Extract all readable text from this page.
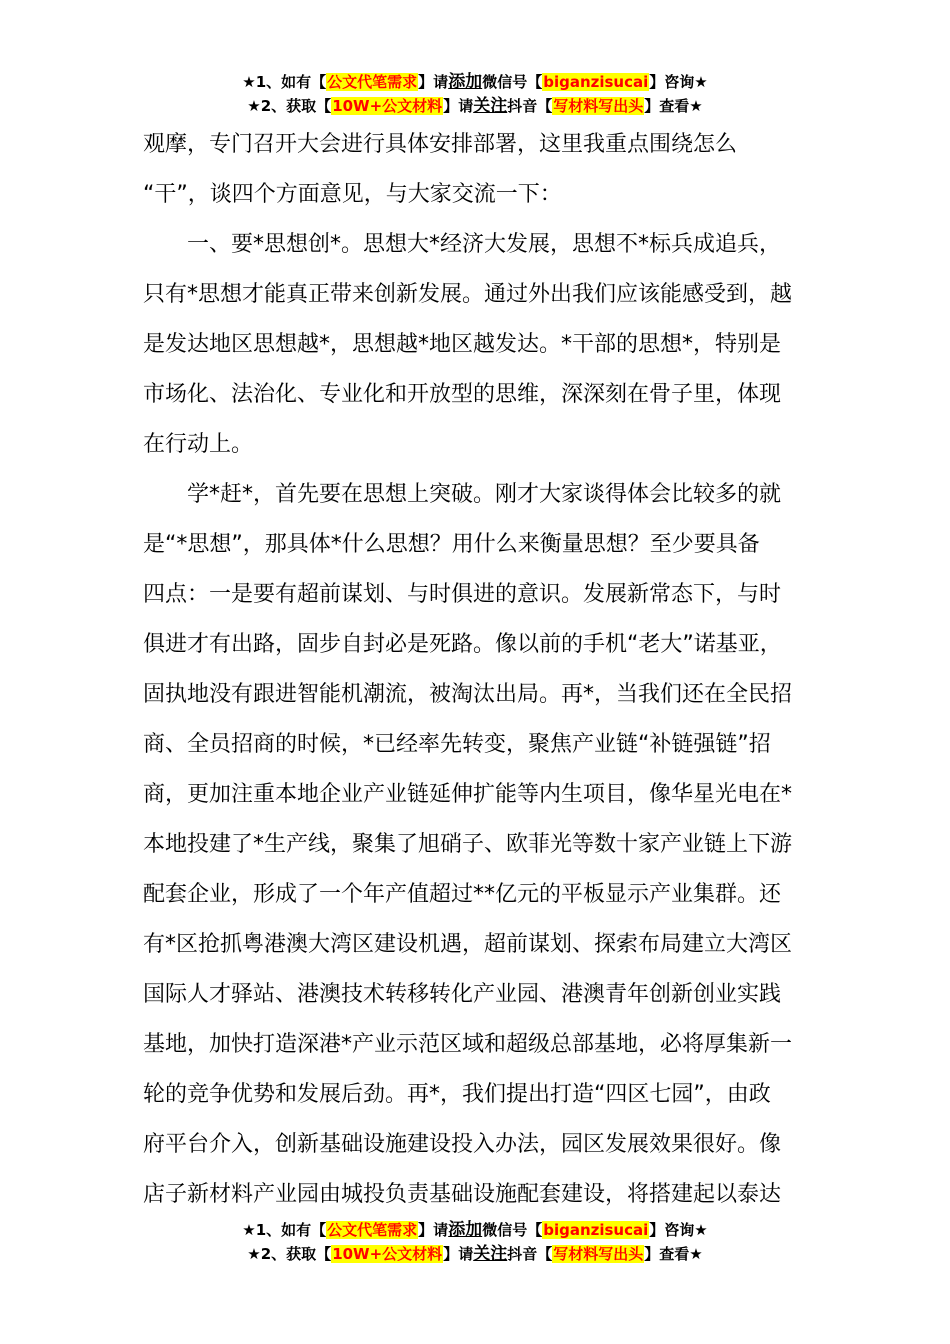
★1、如有【公文代笔需求】请添加微信号【biganzisucai】咨询★
★2、获取【10W+公文材料】请关注抖音【写材料写出头】查看★
观摩，专门召开大会进行具体安排部署，这里我重点围绕怎么
“干”，谈四个方面意见，与大家交流一下：
　　一、要*思想创*。思想大*经济大发展，思想不*标兵成追兵，
只有*思想才能真正带来创新发展。通过外出我们应该能感受到，越
是发达地区思想越*，思想越*地区越发达。*干部的思想*，特别是
市场化、法治化、专业化和开放型的思维，深深刻在骨子里，体现
在行动上。
　　学*赶*，首先要在思想上突破。刚才大家谈得体会比较多的就
是“*思想”，那具体*什么思想？用什么来衡量思想？至少要具备
四点：一是要有超前谋划、与时俱进的意识。发展新常态下，与时
俱进才有出路，固步自封必是死路。像以前的手机“老大”诺基亚，
固执地没有跟进智能机潮流，被淘汰出局。再*，当我们还在全民招
商、全员招商的时候，*已经率先转变，聚焦产业链“补链强链”招
商，更加注重本地企业产业链延伸扩能等内生项目，像华星光电在*
本地投建了*生产线，聚集了旭硝子、欧菲光等数十家产业链上下游
配套企业，形成了一个年产值超过**亿元的平板显示产业集群。还
有*区抢抓粤港澳大湾区建设机遇，超前谋划、探索布局建立大湾区
国际人才驿站、港澳技术转移转化产业园、港澳青年创新创业实践
基地，加快打造深港*产业示范区域和超级总部基地，必将厚集新一
轮的竞争优势和发展后劲。再*，我们提出打造“四区七园”，由政
府平台介入，创新基础设施建设投入办法，园区发展效果很好。像
店子新材料产业园由城投负责基础设施配套建设，将搭建起以泰达
★1、如有【公文代笔需求】请添加微信号【biganzisucai】咨询★
★2、获取【10W+公文材料】请关注抖音【写材料写出头】查看★
